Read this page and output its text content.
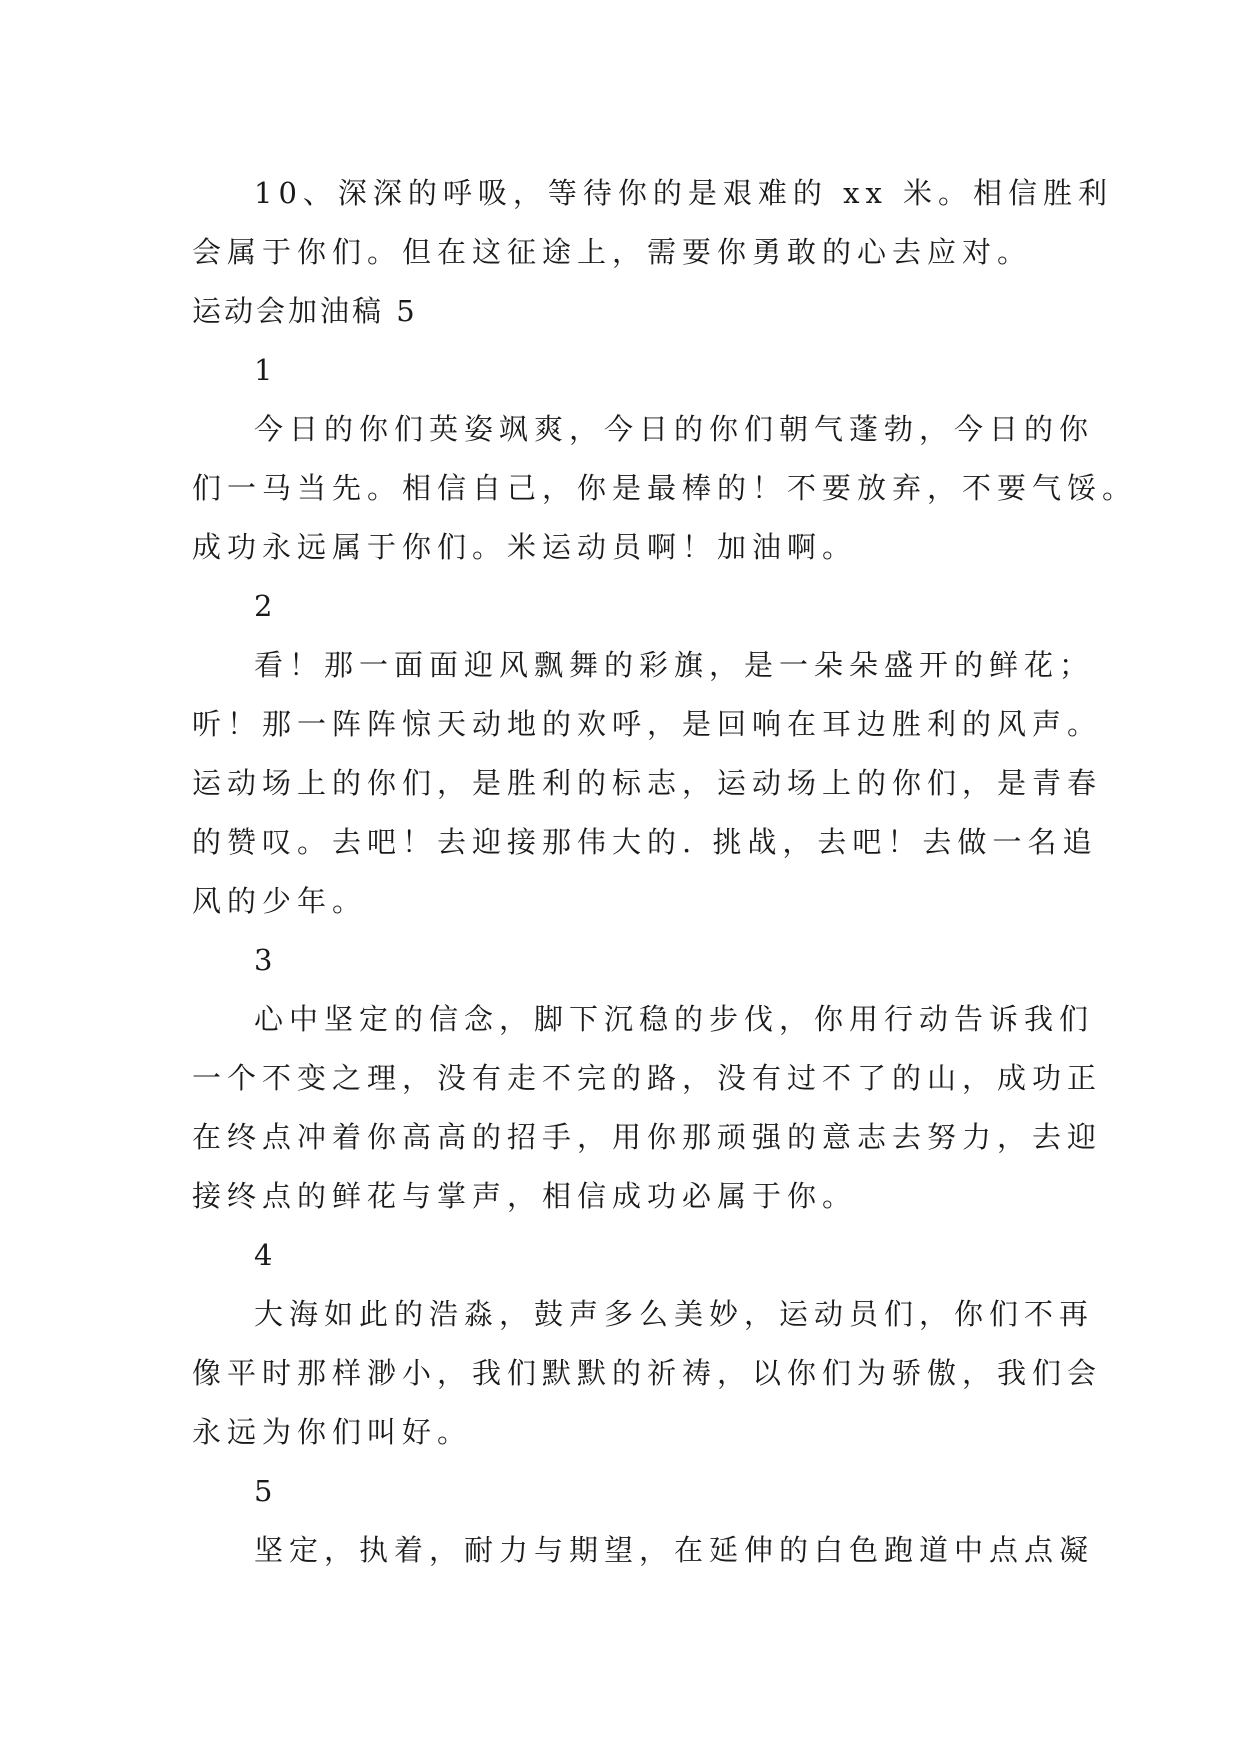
10、深深的呼吸，等待你的是艰难的 xx 米。相信胜利
会属于你们。但在这征途上，需要你勇敢的心去应对。
运动会加油稿 5
1
今日的你们英姿飒爽，今日的你们朝气蓬勃，今日的你
们一马当先。相信自己，你是最棒的！不要放弃，不要气馁。
成功永远属于你们。米运动员啊！加油啊。
2
看！那一面面迎风飘舞的彩旗，是一朵朵盛开的鲜花；
听！那一阵阵惊天动地的欢呼，是回响在耳边胜利的风声。
运动场上的你们，是胜利的标志，运动场上的你们，是青春
的赞叹。去吧！去迎接那伟大的. 挑战，去吧！去做一名追
风的少年。
3
心中坚定的信念，脚下沉稳的步伐，你用行动告诉我们
一个不变之理，没有走不完的路，没有过不了的山，成功正
在终点冲着你高高的招手，用你那顽强的意志去努力，去迎
接终点的鲜花与掌声，相信成功必属于你。
4
大海如此的浩淼，鼓声多么美妙，运动员们，你们不再
像平时那样渺小，我们默默的祈祷，以你们为骄傲，我们会
永远为你们叫好。
5
坚定，执着，耐力与期望，在延伸的白色跑道中点点凝
